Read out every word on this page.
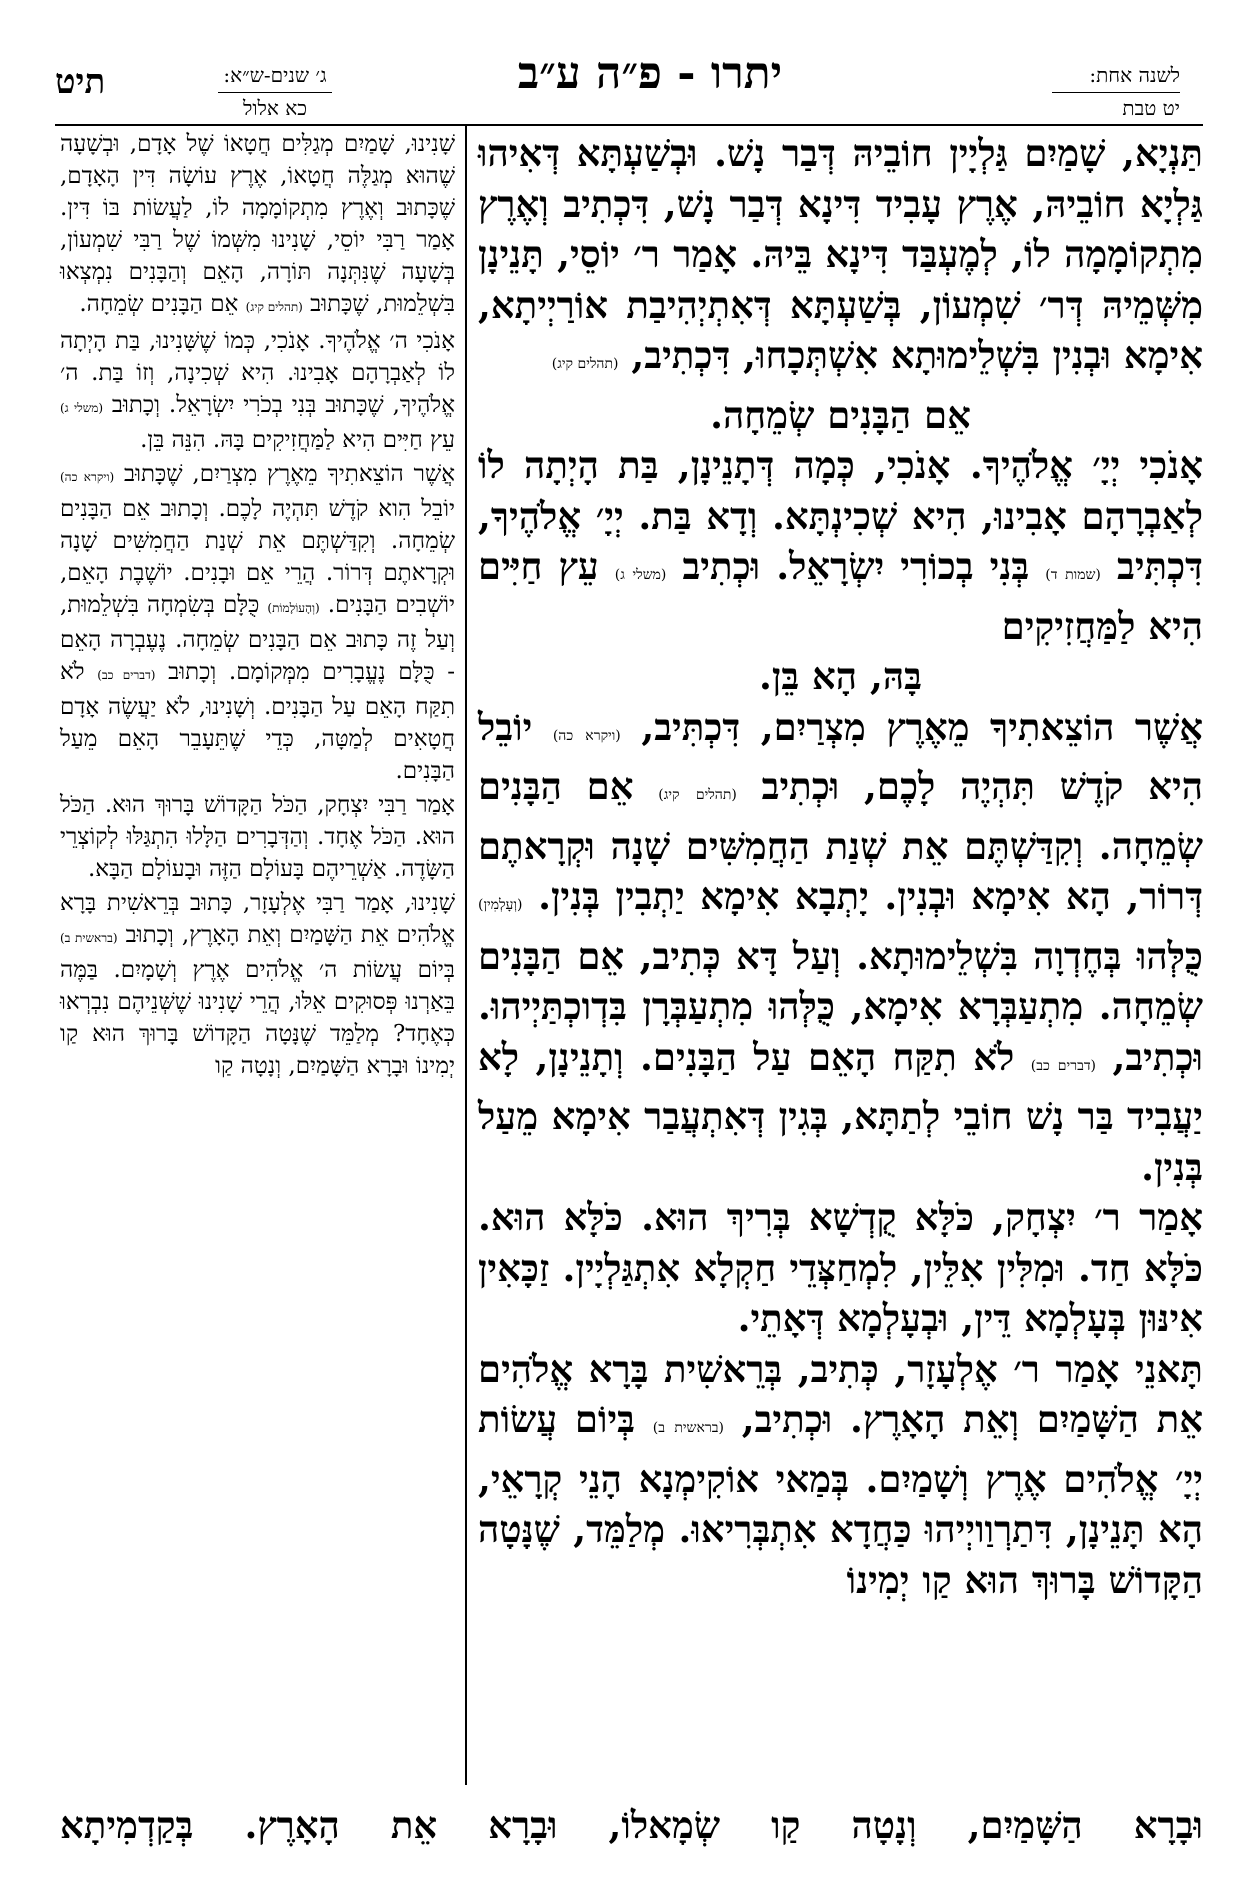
תיט	ג׳ שנים-ש״א:
כא אלול
יתרו - פ״ה ע״ב	לשנה אחת:
יט טבת

תַּנְיָא, שָׁמַיִם גַּלְיָין חוֹבֵיהּ דְּבַר נָשׁ. וּבְשַׁעְתָּא דְּאִיהוּ גַּלְיָא חוֹבֵיהּ, אֶרֶץ עָבִיד דִּינָא דְּבַר נָשׁ, דִּכְתִיב וְאֶרֶץ מִתְקוֹמָמָה לוֹ, לְמֶעְבַּד דִּינָא בֵּיהּ. אָמַר ר׳ יוֹסֵי, תָּנֵינָן מִשְּׁמֵיהּ דְּר׳ שִׁמְעוֹן, בְּשַׁעְתָּא דְּאִתְיְהִיבַת אוֹרַיְיתָא, אִימָא וּבְנִין בִּשְׁלֵימוּתָא אִשְׁתְּכָחוּ, דִּכְתִיב, (תהלים קיג)

אֵם הַבָּנִים שְׂמֵחָה.

אָנֹכִי יְיָ׳ אֱלֹהֶיךָ. אָנֹכִי, כְּמָה דְּתָנֵינָן, בַּת הָיְתָה לוֹ לְאַבְרָהָם אָבִינוּ, הִיא שְׁכִינְתָּא. וְדָא בַּת. יְיָ׳ אֱלֹהֶיךָ, דִּכְתִּיב (שמות ד) בְּנִי בְכוֹרִי יִשְׂרָאֵל. וּכְתִיב (משלי ג) עֵץ חַיִּים הִיא לַמַּחֲזִיקִים

בָּהּ, הָא בֵּן.

אֲשֶׁר הוֹצֵאתִיךָ מֵאֶרֶץ מִצְרַיִם, דִּכְתִּיב, (ויקרא כה) יוֹבֵל הִיא קֹדֶשׁ תִּהְיֶה לָכֶם, וּכְתִיב (תהלים קיג) אֵם הַבָּנִים שְׂמֵחָה. וְקִדַּשְׁתֶּם אֵת שְׁנַת הַחֲמִשִּׁים שָׁנָה וּקְרָאתֶם דְּרוֹר, הָא אִימָא וּבְנִין. יָתְבָא אִימָא יַתְבִין בְּנִין. (וְעָלְמִין) כֻּלְּהוּ בְּחֶדְוָה בִּשְׁלֵימוּתָא. וְעַל דָּא כְּתִיב, אֵם הַבָּנִים שְׂמֵחָה. מִתְעַבְּרָא אִימָא, כֻּלְּהוּ מִתְעַבְּרָן בִּדְוכְתַּיְיהוּ. וּכְתִיב, (דברים כב) לֹא תִקַּח הָאֵם עַל הַבָּנִים. וְתָנֵינָן, לָא יַעֲבִיד בַּר נָשׁ חוֹבֵי לְתַתָּא, בְּגִין דְּאִתְעֲבַר אִימָא מֵעַל בְּנִין.

אָמַר ר׳ יִצְחָק, כֹּלָּא קֻדְשָׁא בְּרִיךְ הוּא. כֹּלָּא הוּא. כֹּלָּא חַד. וּמִלִּין אִלֵּין, לִמְחַצְּדֵי חַקְלָא אִתְגַּלְיָין. זַכָּאִין אִינּוּן בְּעָלְמָא דֵּין, וּבְעָלְמָא דְּאָתֵי.

תָּאנֵי אָמַר ר׳ אֶלְעָזָר, כְּתִיב, בְּרֵאשִׁית בָּרָא אֱלֹהִים אֵת הַשָּׁמַיִם וְאֵת הָאָרֶץ. וּכְתִיב, (בראשית ב) בְּיוֹם עֲשׂוֹת יְיָ׳ אֱלֹהִים אֶרֶץ וְשָׁמַיִם. בְּמַאי אוֹקִימְנָא הָנֵי קְרָאֵי, הָא תָּנֵינָן, דִּתַרְוַויְיהוּ כַּחֲדָא אִתְבְּרִיאוּ. מְלַמֵּד, שֶׁנָּטָה הַקָּדוֹשׁ בָּרוּךְ הוּא קַו יְמִינוֹ

שָׁנִינוּ, שָׁמַיִם מְגַלִּים חֲטָאוֹ שֶׁל אָדָם, וּבְשָׁעָה שֶׁהוּא מְגַלֶּה חֲטָאוֹ, אֶרֶץ עוֹשָׂה דִּין הָאָדָם, שֶׁכָּתוּב וְאֶרֶץ מִתְקוֹמָמָה לוֹ, לַעֲשׂוֹת בּוֹ דִּין. אָמַר רַבִּי יוֹסֵי, שָׁנִינוּ מִשְּׁמוֹ שֶׁל רַבִּי שִׁמְעוֹן, בְּשָׁעָה שֶׁנִּתְּנָה תּוֹרָה, הָאֵם וְהַבָּנִים נִמְצְאוּ בִּשְׁלֵמוּת, שֶׁכָּתוּב (תהלים קיג) אֵם הַבָּנִים שְׂמֵחָה.

אָנֹכִי ה׳ אֱלֹהֶיךָ. אָנֹכִי, כְּמוֹ שֶׁשָּׁנִינוּ, בַּת הָיְתָה לוֹ לְאַבְרָהָם אָבִינוּ. הִיא שְׁכִינָה, וְזוֹ בַּת. ה׳ אֱלֹהֶיךָ, שֶׁכָּתוּב בְּנִי בְכֹרִי יִשְׂרָאֵל. וְכָתוּב (משלי ג) עֵץ חַיִּים הִיא לַמַּחֲזִיקִים בָּהּ. הִנֵּה בֵּן.

אֲשֶׁר הוֹצֵאתִיךָ מֵאֶרֶץ מִצְרַיִם, שֶׁכָּתוּב (ויקרא כה) יוֹבֵל הִוא קֹדֶשׁ תִּהְיֶה לָכֶם. וְכָתוּב אֵם הַבָּנִים שְׂמֵחָה. וְקִדַּשְׁתֶּם אֵת שְׁנַת הַחֲמִשִּׁים שָׁנָה וּקְרָאתֶם דְּרוֹר. הֲרֵי אֵם וּבָנִים. יוֹשֶׁבֶת הָאֵם, יוֹשְׁבִים הַבָּנִים. (וְהָעוֹלָמוֹת) כֻּלָּם בְּשִׂמְחָה בִּשְׁלֵמוּת, וְעַל זֶה כָּתוּב אֵם הַבָּנִים שְׂמֵחָה. נֶעֶבְרָה הָאֵם - כֻּלָּם נֶעֱבָרִים מִמְּקוֹמָם. וְכָתוּב (דברים כב) לֹא תִקַּח הָאֵם עַל הַבָּנִים. וְשָׁנִינוּ, לֹא יַעֲשֶׂה אָדָם חֲטָאִים לְמַטָּה, כְּדֵי שֶׁתֵּעָבֵר הָאֵם מֵעַל הַבָּנִים.

אָמַר רַבִּי יִצְחָק, הַכֹּל הַקָּדוֹשׁ בָּרוּךְ הוּא. הַכֹּל הוּא. הַכֹּל אֶחָד. וְהַדְּבָרִים הַלָּלוּ הִתְגַּלּוּ לְקוֹצְרֵי הַשָּׂדֶה. אַשְׁרֵיהֶם בָּעוֹלָם הַזֶּה וּבָעוֹלָם הַבָּא.

שָׁנִינוּ, אָמַר רַבִּי אֶלְעָזָר, כָּתוּב בְּרֵאשִׁית בָּרָא אֱלֹהִים אֵת הַשָּׁמַיִם וְאֵת הָאָרֶץ, וְכָתוּב (בראשית ב) בְּיוֹם עֲשׂוֹת ה׳ אֱלֹהִים אֶרֶץ וְשָׁמָיִם. בַּמֶּה בֵּאַרְנוּ פְּסוּקִים אֵלּוּ, הֲרֵי שָׁנִינוּ שֶׁשְּׁנֵיהֶם נִבְרְאוּ כְּאֶחָד? מְלַמֵּד שֶׁנָּטָה הַקָּדוֹשׁ בָּרוּךְ הוּא קַו יְמִינוֹ וּבָרָא הַשָּׁמַיִם, וְנָטָה קַו

וּבָרָא הַשָּׁמַיִם, וְנָטָה קַו שְׂמָאלוֹ, וּבָרָא אֵת הָאָרֶץ. בְּקַדְמִיתָא
